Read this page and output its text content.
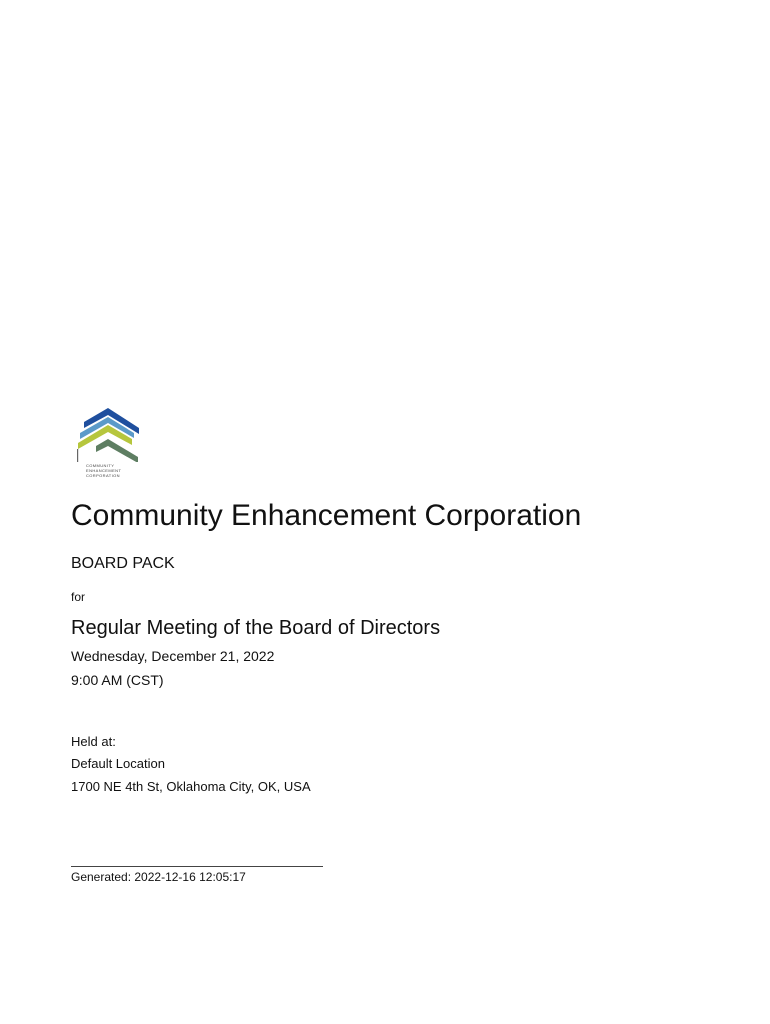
COMMUNITY
ENHANCEMENT
CORPORATION
Community Enhancement Corporation
BOARD PACK
for
Regular Meeting of the Board of Directors
Wednesday, December 21, 2022
9:00 AM (CST)
Held at:
Default Location
1700 NE 4th St, Oklahoma City, OK, USA
Generated: 2022-12-16 12:05:17
